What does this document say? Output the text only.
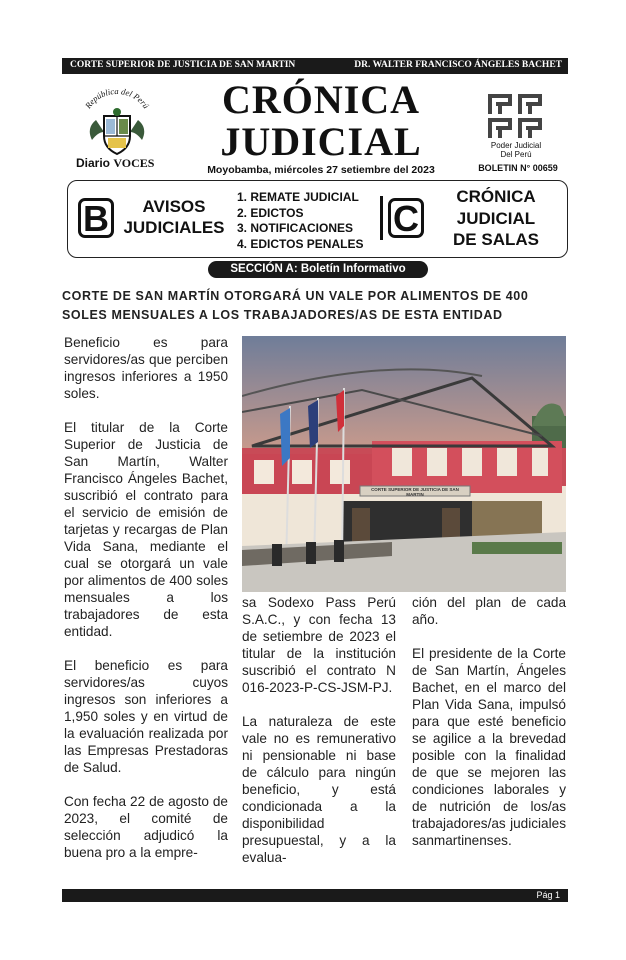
CORTE SUPERIOR DE JUSTICIA DE SAN MARTIN	DR. WALTER FRANCISCO ÁNGELES BACHET
República del Perú
Diario VOCES
CRÓNICA
JUDICIAL
Moyobamba, miércoles 27 setiembre del 2023
Poder Judicial
Del Perú
BOLETIN N° 00659
B	AVISOS
JUDICIALES
1. REMATE JUDICIAL
2. EDICTOS
3. NOTIFICACIONES
4. EDICTOS PENALES
C
CRÓNICA
JUDICIAL
DE SALAS
SECCIÓN A: Boletín Informativo
CORTE DE SAN MARTÍN OTORGARÁ UN VALE POR ALIMENTOS DE 400 SOLES MENSUALES A LOS TRABAJADORES/AS DE ESTA ENTIDAD

Beneficio es para servidores/as que perciben ingresos inferiores a 1950 soles.

El titular de la Corte Superior de Justicia de San Martín, Walter Francisco Ángeles Bachet, suscribió el contrato para el servicio de emisión de tarjetas y recargas de Plan Vida Sana, mediante el cual se otorgará un vale por alimentos de 400 soles mensuales a los trabajadores de esta entidad.

El beneficio es para servidores/as cuyos ingresos son inferiores a 1,950 soles y en virtud de la evaluación realizada por las Empresas Prestadoras de Salud.

Con fecha 22 de agosto de 2023, el comité de selección adjudicó la buena pro a la empre-

CORTE SUPERIOR DE JUSTICIA DE SAN MARTIN

sa Sodexo Pass Perú S.A.C., y con fecha 13 de setiembre de 2023 el titular de la institución suscribió el contrato N 016-2023-P-CS-JSM-PJ.

La naturaleza de este vale no es remunerativo ni pensionable ni base de cálculo para ningún beneficio, y está condicionada a la disponibilidad presupuestal, y a la evalua-

ción del plan de cada año.

El presidente de la Corte de San Martín, Ángeles Bachet, en el marco del Plan Vida Sana, impulsó para que esté beneficio se agilice a la brevedad posible con la finalidad de que se mejoren las condiciones laborales y de nutrición de los/as trabajadores/as judiciales sanmartinenses.

Pág 1
